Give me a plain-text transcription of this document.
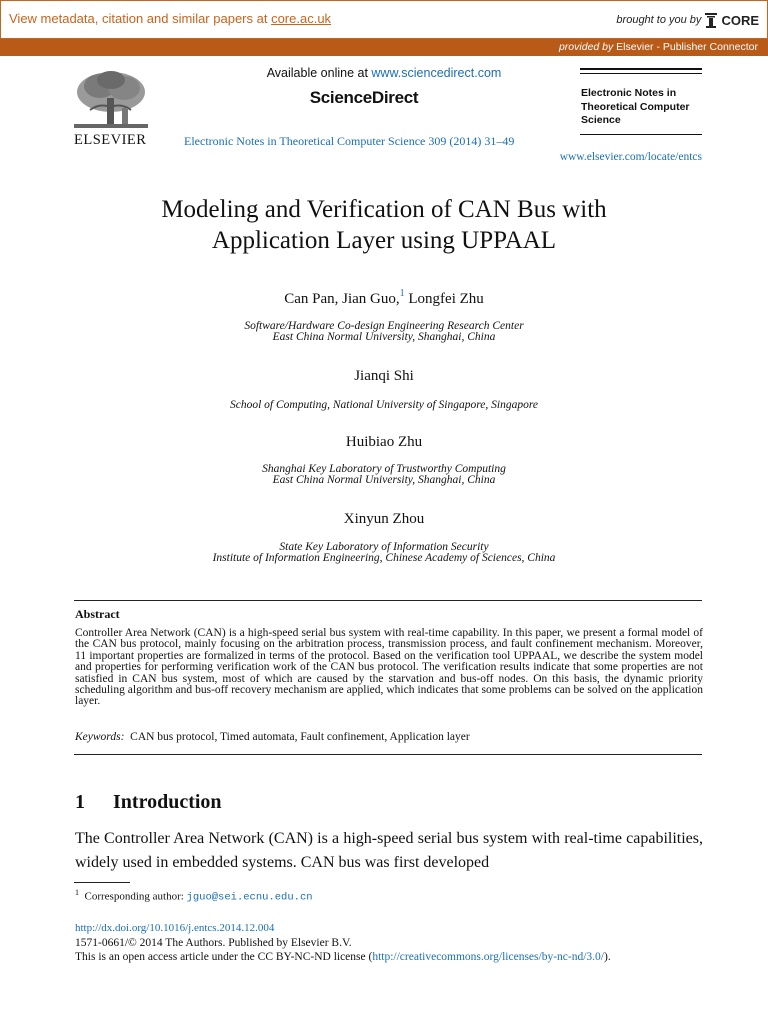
View metadata, citation and similar papers at core.ac.uk	brought to you by CORE
provided by Elsevier - Publisher Connector
ELSEVIER
Available online at www.sciencedirect.com
ScienceDirect
Electronic Notes in Theoretical Computer Science 309 (2014) 31–49
Electronic Notes in
Theoretical Computer
Science
www.elsevier.com/locate/entcs
Modeling and Verification of CAN Bus with
Application Layer using UPPAAL
Can Pan, Jian Guo,$^1$ Longfei Zhu
Software/Hardware Co-design Engineering Research Center
East China Normal University, Shanghai, China
Jianqi Shi
School of Computing, National University of Singapore, Singapore
Huibiao Zhu
Shanghai Key Laboratory of Trustworthy Computing
East China Normal University, Shanghai, China
Xinyun Zhou
State Key Laboratory of Information Security
Institute of Information Engineering, Chinese Academy of Sciences, China
Abstract
Controller Area Network (CAN) is a high-speed serial bus system with real-time capability. In this paper, we present a formal model of the CAN bus protocol, mainly focusing on the arbitration process, transmission process, and fault confinement mechanism. Moreover, 11 important properties are formalized in terms of the protocol. Based on the verification tool UPPAAL, we describe the system model and properties for performing verification work of the CAN bus protocol. The verification results indicate that some properties are not satisfied in CAN bus system, most of which are caused by the starvation and bus-off nodes. On this basis, the dynamic priority scheduling algorithm and bus-off recovery mechanism are applied, which indicates that some problems can be solved on the application layer.
Keywords: CAN bus protocol, Timed automata, Fault confinement, Application layer
1 Introduction
The Controller Area Network (CAN) is a high-speed serial bus system with real-time capabilities, widely used in embedded systems. CAN bus was first developed
$^1$ Corresponding author: jguo@sei.ecnu.edu.cn
http://dx.doi.org/10.1016/j.entcs.2014.12.004
1571-0661/© 2014 The Authors. Published by Elsevier B.V.
This is an open access article under the CC BY-NC-ND license (http://creativecommons.org/licenses/by-nc-nd/3.0/).
